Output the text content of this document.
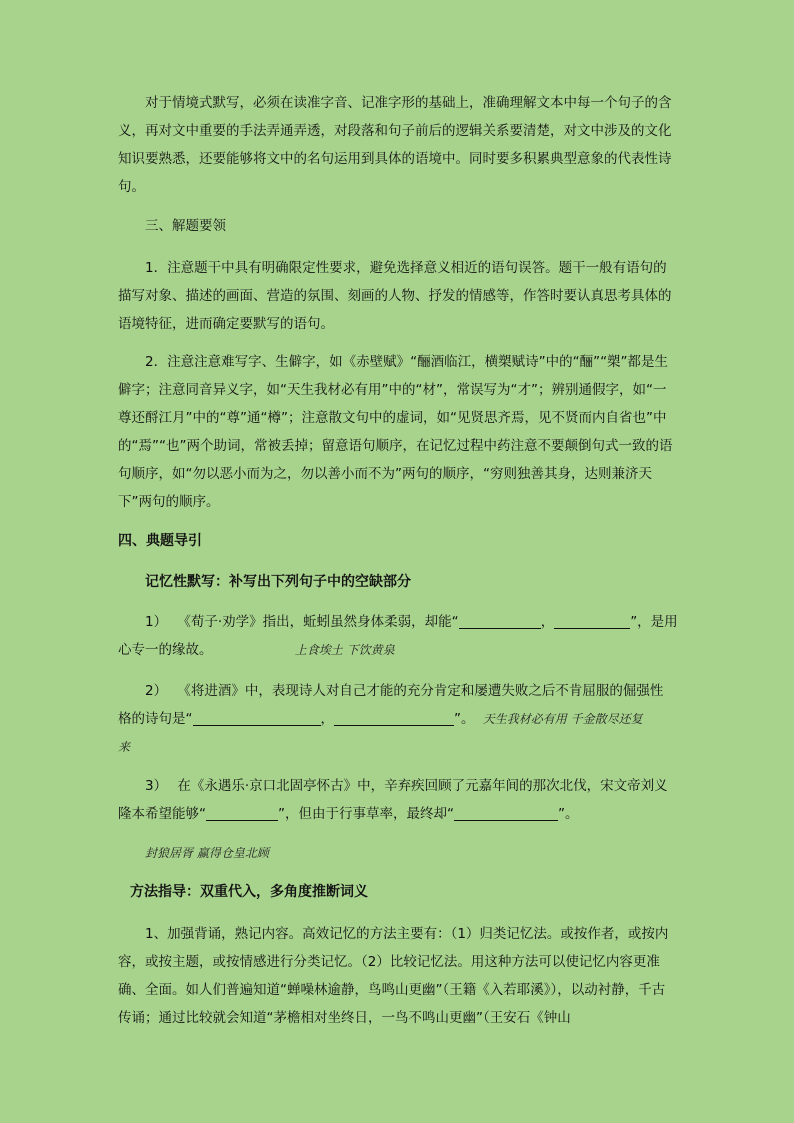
对于情境式默写，必须在读准字音、记准字形的基础上，准确理解文本中每一个句子的含义，再对文中重要的手法弄通弄透，对段落和句子前后的逻辑关系要清楚，对文中涉及的文化知识要熟悉，还要能够将文中的名句运用到具体的语境中。同时要多积累典型意象的代表性诗句。
三、解题要领
1．注意题干中具有明确限定性要求，避免选择意义相近的语句误答。题干一般有语句的描写对象、描述的画面、营造的氛围、刻画的人物、抒发的情感等，作答时要认真思考具体的语境特征，进而确定要默写的语句。
2．注意注意难写字、生僻字，如《赤壁赋》“酾酒临江，横槊赋诗”中的“酾”“槊”都是生僻字；注意同音异义字，如“天生我材必有用”中的“材”，常误写为“才”；辨别通假字，如“一尊还酹江月”中的“尊”通“樽”；注意散文句中的虚词，如“见贤思齐焉，见不贤而内自省也”中的“焉”“也”两个助词，常被丢掉；留意语句顺序，在记忆过程中药注意不要颠倒句式一致的语句顺序，如“勿以恶小而为之，勿以善小而不为”两句的顺序，“穷则独善其身，达则兼济天下”两句的顺序。
四、典题导引
记忆性默写：补写出下列句子中的空缺部分
1） 《荀子·劝学》指出，蚯蚓虽然身体柔弱，却能“	，	”，是用
心专一的缘故。	上食埃土 下饮黄泉
2） 《将进酒》中，表现诗人对自己才能的充分肯定和屡遭失败之后不肯屈服的倔强性
格的诗句是“	，	”。 天生我材必有用 千金散尽还复
来
3） 在《永遇乐·京口北固亭怀古》中，辛弃疾回顾了元嘉年间的那次北伐，宋文帝刘义
隆本希望能够“	”，但由于行事草率，最终却“	”。
封狼居胥 赢得仓皇北顾
方法指导：双重代入，多角度推断词义
1、加强背诵，熟记内容。高效记忆的方法主要有：（1）归类记忆法。或按作者，或按内容，或按主题，或按情感进行分类记忆。（2）比较记忆法。用这种方法可以使记忆内容更准确、全面。如人们普遍知道“蝉噪林逾静，鸟鸣山更幽”（王籍《入若耶溪》），以动衬静，千古传诵；通过比较就会知道“茅檐相对坐终日，一鸟不鸣山更幽”（王安石《钟山
